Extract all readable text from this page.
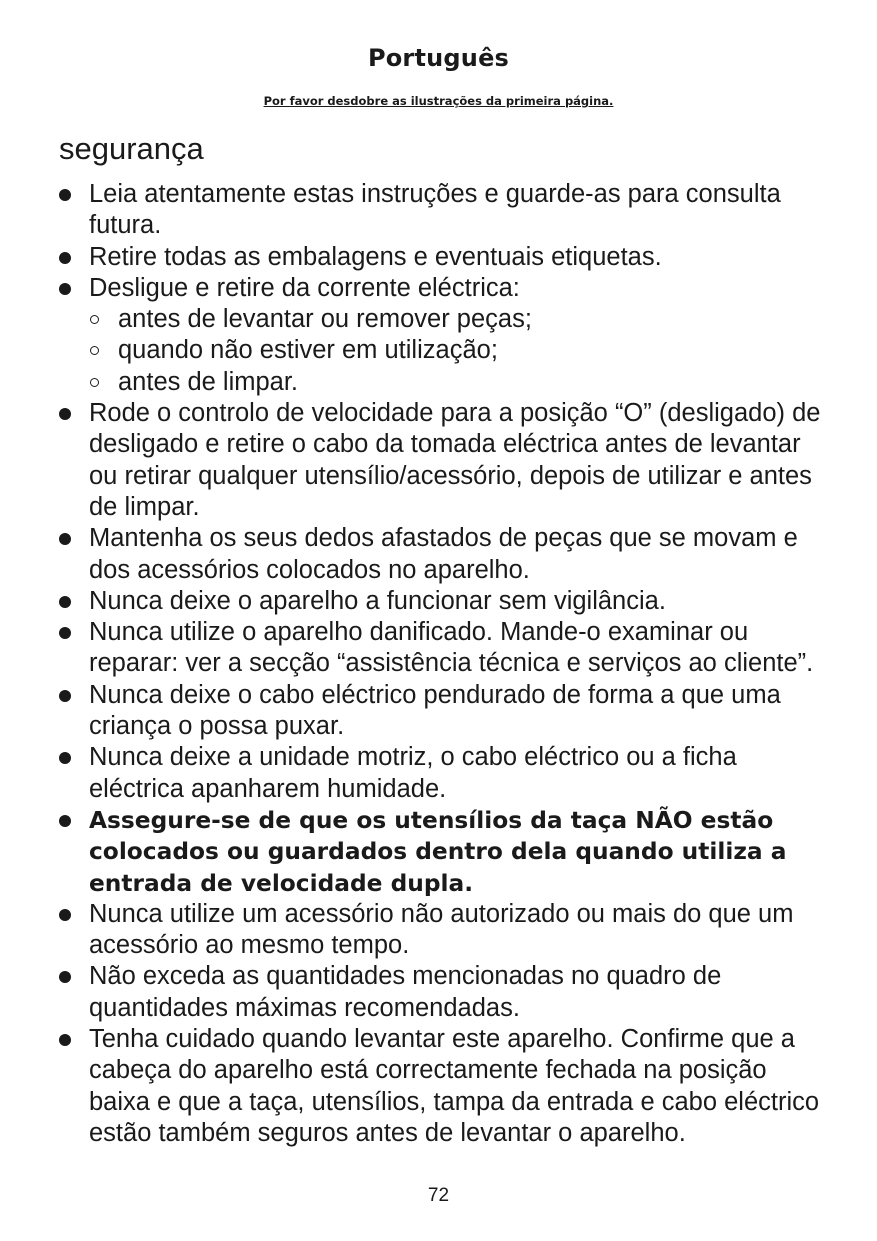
Português
Por favor desdobre as ilustrações da primeira página.
segurança
Leia atentamente estas instruções e guarde-as para consulta futura.
Retire todas as embalagens e eventuais etiquetas.
Desligue e retire da corrente eléctrica:
antes de levantar ou remover peças;
quando não estiver em utilização;
antes de limpar.
Rode o controlo de velocidade para a posição “O” (desligado) de desligado e retire o cabo da tomada eléctrica antes de levantar ou retirar qualquer utensílio/acessório, depois de utilizar e antes de limpar.
Mantenha os seus dedos afastados de peças que se movam e dos acessórios colocados no aparelho.
Nunca deixe o aparelho a funcionar sem vigilância.
Nunca utilize o aparelho danificado. Mande-o examinar ou reparar: ver a secção “assistência técnica e serviços ao cliente”.
Nunca deixe o cabo eléctrico pendurado de forma a que uma criança o possa puxar.
Nunca deixe a unidade motriz, o cabo eléctrico ou a ficha eléctrica apanharem humidade.
Assegure-se de que os utensílios da taça NÃO estão colocados ou guardados dentro dela quando utiliza a entrada de velocidade dupla.
Nunca utilize um acessório não autorizado ou mais do que um acessório ao mesmo tempo.
Não exceda as quantidades mencionadas no quadro de quantidades máximas recomendadas.
Tenha cuidado quando levantar este aparelho. Confirme que a cabeça do aparelho está correctamente fechada na posição baixa e que a taça, utensílios, tampa da entrada e cabo eléctrico estão também seguros antes de levantar o aparelho.
72
